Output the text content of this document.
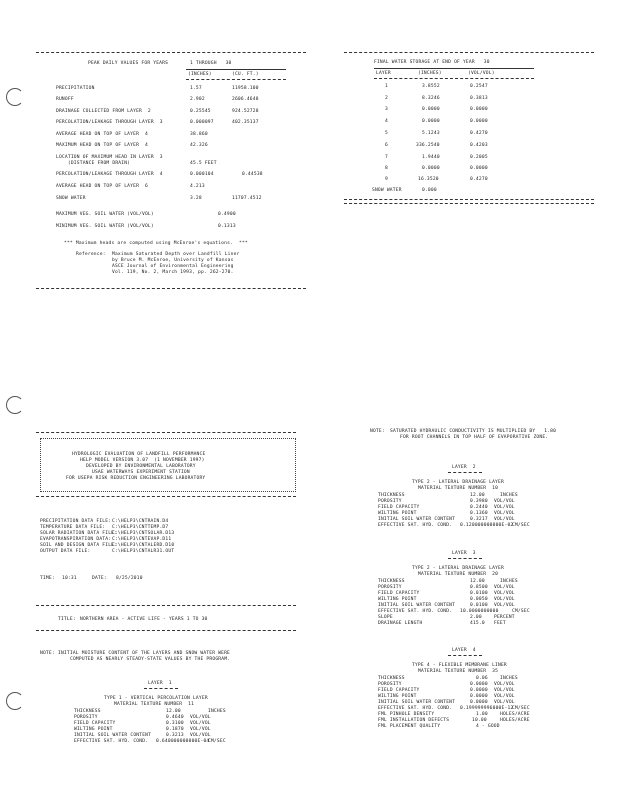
PEAK DAILY VALUES FOR YEARS	1 THROUGH   30
(INCHES)	(CU. FT.)
PRECIPITATION	1.57	11958.100
RUNOFF	2.902	2606.4648
DRAINAGE COLLECTED FROM LAYER  2	0.25545	924.52728
PERCOLATION/LEAKAGE THROUGH LAYER  3	0.000097	402.35137
AVERAGE HEAD ON TOP OF LAYER  4	38.860
MAXIMUM HEAD ON TOP OF LAYER  4	42.326
LOCATION OF MAXIMUM HEAD IN LAYER  3
(DISTANCE FROM DRAIN)	45.5 FEET
PERCOLATION/LEAKAGE THROUGH LAYER  4	0.000104	0.44538
AVERAGE HEAD ON TOP OF LAYER  6	4.213
SNOW WATER	3.28	11707.4512
MAXIMUM VEG. SOIL WATER (VOL/VOL)	0.4900
MINIMUM VEG. SOIL WATER (VOL/VOL)	0.1313
*** Maximum heads are computed using McEnroe's equations.  ***
Reference: Maximum Saturated Depth over Landfill Liner
by Bruce M. McEnroe, University of Kansas
ASCE Journal of Environmental Engineering
Vol. 119, No. 2, March 1993, pp. 262-270.
FINAL WATER STORAGE AT END OF YEAR   30
LAYER	(INCHES)	(VOL/VOL)
1	3.8552	0.2547
2	8.3246	0.3813
3	0.0000	0.0000
4	0.0000	0.0000
5	5.1243	0.4270
6	336.2540	0.4203
7	1.9440	0.2005
8	0.0000	0.0000
9	16.3520	0.4270
SNOW WATER	0.000
HYDROLOGIC EVALUATION OF LANDFILL PERFORMANCE
HELP MODEL VERSION 3.07  (1 NOVEMBER 1997)
DEVELOPED BY ENVIRONMENTAL LABORATORY
USAE WATERWAYS EXPERIMENT STATION
FOR USEPA RISK REDUCTION ENGINEERING LABORATORY
PRECIPITATION DATA FILE: C:\HELP3\CNTRAIN.D4
TEMPERATURE DATA FILE: C:\HELP3\CNTTEMP.D7
SOLAR RADIATION DATA FILE:
C:\HELP3\CNTSOLAR.D13
EVAPOTRANSPIRATION DATA: C:\HELP3\CNTEVAP.D11
SOIL AND DESIGN DATA FILE:
C:\HELP3\CNTALERD.D10
OUTPUT DATA FILE:	C:\HELP3\CNTALR31.OUT
TIME: 10:31	DATE: 8/25/2010
TITLE: NORTHERN AREA - ACTIVE LIFE - YEARS 1 TO 30
NOTE: INITIAL MOISTURE CONTENT OF THE LAYERS AND SNOW WATER WERE
COMPUTED AS NEARLY STEADY-STATE VALUES BY THE PROGRAM.
LAYER  1
TYPE 1 - VERTICAL PERCOLATION LAYER
MATERIAL TEXTURE NUMBER  11
THICKNESS	12.00	INCHES
POROSITY	0.4640 VOL/VOL
FIELD CAPACITY	0.3100 VOL/VOL
WILTING POINT	0.1870 VOL/VOL
INITIAL SOIL WATER CONTENT	0.3213 VOL/VOL
EFFECTIVE SAT. HYD. COND. 0.640000000000E-04
CM/SEC
NOTE: SATURATED HYDRAULIC CONDUCTIVITY IS MULTIPLIED BY   1.80
FOR ROOT CHANNELS IN TOP HALF OF EVAPORATIVE ZONE.
LAYER  2
TYPE 2 - LATERAL DRAINAGE LAYER
MATERIAL TEXTURE NUMBER  10
THICKNESS	12.00	INCHES
POROSITY	0.3980 VOL/VOL
FIELD CAPACITY	0.2440 VOL/VOL
WILTING POINT	0.1360 VOL/VOL
INITIAL SOIL WATER CONTENT	0.3217 VOL/VOL
EFFECTIVE SAT. HYD. COND. 0.120000000000E-02
CM/SEC
LAYER  3
TYPE 2 - LATERAL DRAINAGE LAYER
MATERIAL TEXTURE NUMBER  20
THICKNESS	12.00	INCHES
POROSITY	0.8500 VOL/VOL
FIELD CAPACITY	0.0100 VOL/VOL
WILTING POINT	0.0050 VOL/VOL
INITIAL SOIL WATER CONTENT	0.0100 VOL/VOL
EFFECTIVE SAT. HYD. COND. 10.0000000000	CM/SEC
SLOPE	2.00	PERCENT
DRAINAGE LENGTH	415.0 FEET
LAYER  4
TYPE 4 - FLEXIBLE MEMBRANE LINER
MATERIAL TEXTURE NUMBER  35
THICKNESS	0.06	INCHES
POROSITY	0.0000 VOL/VOL
FIELD CAPACITY	0.0000 VOL/VOL
WILTING POINT	0.0000 VOL/VOL
INITIAL SOIL WATER CONTENT	0.0000 VOL/VOL
EFFECTIVE SAT. HYD. COND. 0.199999996000E-12
CM/SEC
FML PINHOLE DENSITY	1.00	HOLES/ACRE
FML INSTALLATION DEFECTS	10.00	HOLES/ACRE
FML PLACEMENT QUALITY	4 - GOOD
